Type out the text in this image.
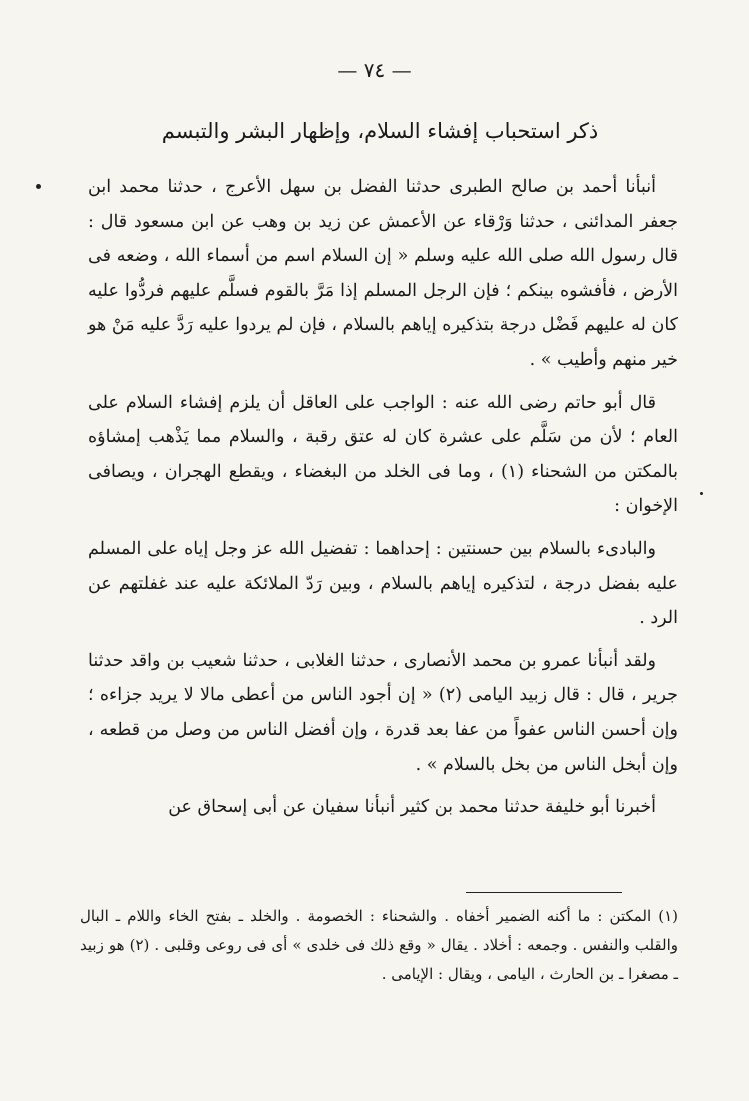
— ٧٤ —
ذكر استحباب إفشاء السلام، وإظهار البشر والتبسم

أنبأنا أحمد بن صالح الطبرى حدثنا الفضل بن سهل الأعرج ، حدثنا محمد ابن جعفر المدائنى ، حدثنا وَرْقاء عن الأعمش عن زيد بن وهب عن ابن مسعود قال : قال رسول الله صلى الله عليه وسلم « إن السلام اسم من أسماء الله ، وضعه فى الأرض ، فأفشوه بينكم ؛ فإن الرجل المسلم إذا مَرَّ بالقوم فسلَّم عليهم فردُّوا عليه كان له عليهم فَضْل درجة بتذكيره إياهم بالسلام ، فإن لم يردوا عليه رَدَّ عليه مَنْ هو خير منهم وأطيب » .

قال أبو حاتم رضى الله عنه : الواجب على العاقل أن يلزم إفشاء السلام على العام ؛ لأن من سَلَّم على عشرة كان له عتق رقبة ، والسلام مما يَذْهب إمشاؤه بالمكتن من الشحناء (١) ، وما فى الخلد من البغضاء ، ويقطع الهجران ، ويصافى الإخوان :

والبادىء بالسلام بين حسنتين : إحداهما : تفضيل الله عز وجل إياه على المسلم عليه بفضل درجة ، لتذكيره إياهم بالسلام ، وبين رَدّ الملائكة عليه عند غفلتهم عن الرد .

ولقد أنبأنا عمرو بن محمد الأنصارى ، حدثنا الغلابى ، حدثنا شعيب بن واقد حدثنا جرير ، قال : قال زبيد اليامى (٢) « إن أجود الناس من أعطى مالا لا يريد جزاءه ؛ وإن أحسن الناس عفواً من عفا بعد قدرة ، وإن أفضل الناس من وصل من قطعه ، وإن أبخل الناس من بخل بالسلام » .

أخبرنا أبو خليفة حدثنا محمد بن كثير أنبأنا سفيان عن أبى إسحاق عن

(١) المكتن : ما أكنه الضمير أخفاه . والشحناء : الخصومة . والخلد ـ بفتح الخاء واللام ـ البال والقلب والنفس . وجمعه : أخلاد . يقال « وقع ذلك فى خلدى » أى فى روعى وقلبى . (٢) هو زبيد ـ مصغرا ـ بن الحارث ، اليامى ، ويقال : الإيامى .
